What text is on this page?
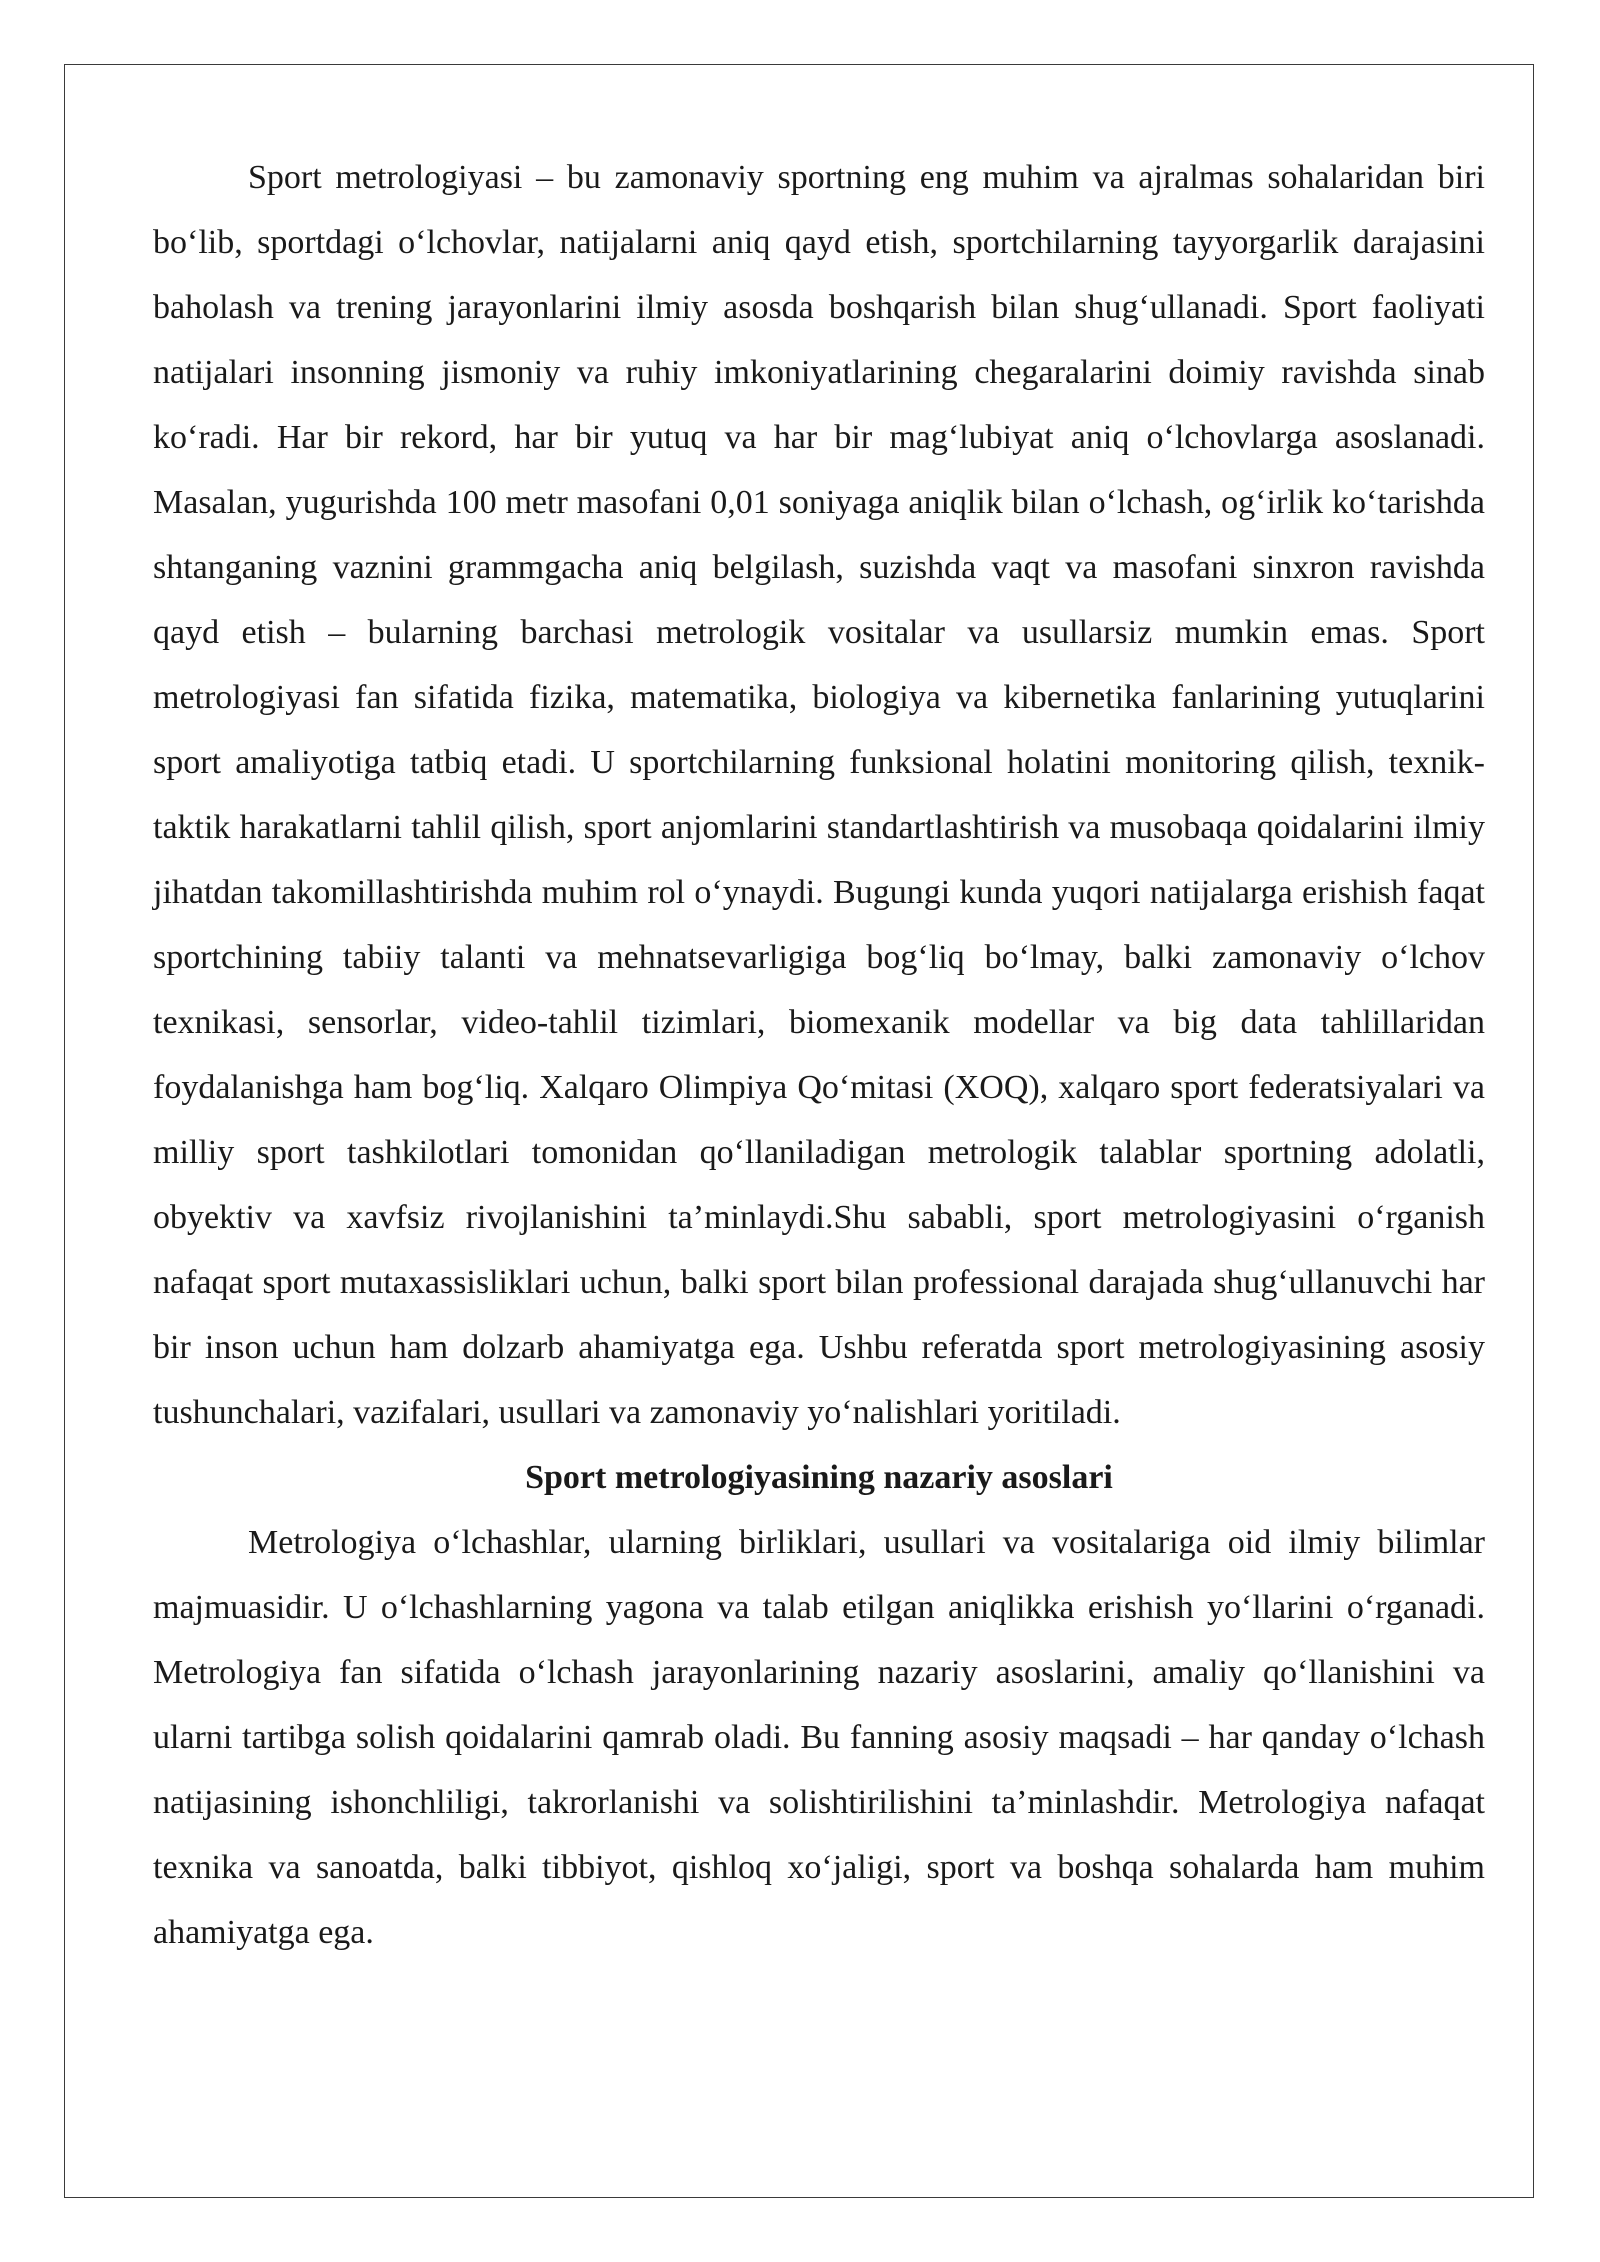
Sport metrologiyasi – bu zamonaviy sportning eng muhim va ajralmas sohalaridan biri bo‘lib, sportdagi o‘lchovlar, natijalarni aniq qayd etish, sportchilarning tayyorgarlik darajasini baholash va trening jarayonlarini ilmiy asosda boshqarish bilan shug‘ullanadi. Sport faoliyati natijalari insonning jismoniy va ruhiy imkoniyatlarining chegaralarini doimiy ravishda sinab ko‘radi. Har bir rekord, har bir yutuq va har bir mag‘lubiyat aniq o‘lchovlarga asoslanadi. Masalan, yugurishda 100 metr masofani 0,01 soniyaga aniqlik bilan o‘lchash, og‘irlik ko‘tarishda shtanganing vaznini grammgacha aniq belgilash, suzishda vaqt va masofani sinxron ravishda qayd etish – bularning barchasi metrologik vositalar va usullarsiz mumkin emas. Sport metrologiyasi fan sifatida fizika, matematika, biologiya va kibernetika fanlarining yutuqlarini sport amaliyotiga tatbiq etadi. U sportchilarning funksional holatini monitoring qilish, texnik-taktik harakatlarni tahlil qilish, sport anjomlarini standartlashtirish va musobaqa qoidalarini ilmiy jihatdan takomillashtirishda muhim rol o‘ynaydi. Bugungi kunda yuqori natijalarga erishish faqat sportchining tabiiy talanti va mehnatsevarligiga bog‘liq bo‘lmay, balki zamonaviy o‘lchov texnikasi, sensorlar, video-tahlil tizimlari, biomexanik modellar va big data tahlillaridan foydalanishga ham bog‘liq. Xalqaro Olimpiya Qo‘mitasi (XOQ), xalqaro sport federatsiyalari va milliy sport tashkilotlari tomonidan qo‘llaniladigan metrologik talablar sportning adolatli, obyektiv va xavfsiz rivojlanishini ta’minlaydi.Shu sababli, sport metrologiyasini o‘rganish nafaqat sport mutaxassisliklari uchun, balki sport bilan professional darajada shug‘ullanuvchi har bir inson uchun ham dolzarb ahamiyatga ega. Ushbu referatda sport metrologiyasining asosiy tushunchalari, vazifalari, usullari va zamonaviy yo‘nalishlari yoritiladi.

Sport metrologiyasining nazariy asoslari

Metrologiya o‘lchashlar, ularning birliklari, usullari va vositalariga oid ilmiy bilimlar majmuasidir. U o‘lchashlarning yagona va talab etilgan aniqlikka erishish yo‘llarini o‘rganadi. Metrologiya fan sifatida o‘lchash jarayonlarining nazariy asoslarini, amaliy qo‘llanishini va ularni tartibga solish qoidalarini qamrab oladi. Bu fanning asosiy maqsadi – har qanday o‘lchash natijasining ishonchliligi, takrorlanishi va solishtirilishini ta’minlashdir. Metrologiya nafaqat texnika va sanoatda, balki tibbiyot, qishloq xo‘jaligi, sport va boshqa sohalarda ham muhim ahamiyatga ega.
